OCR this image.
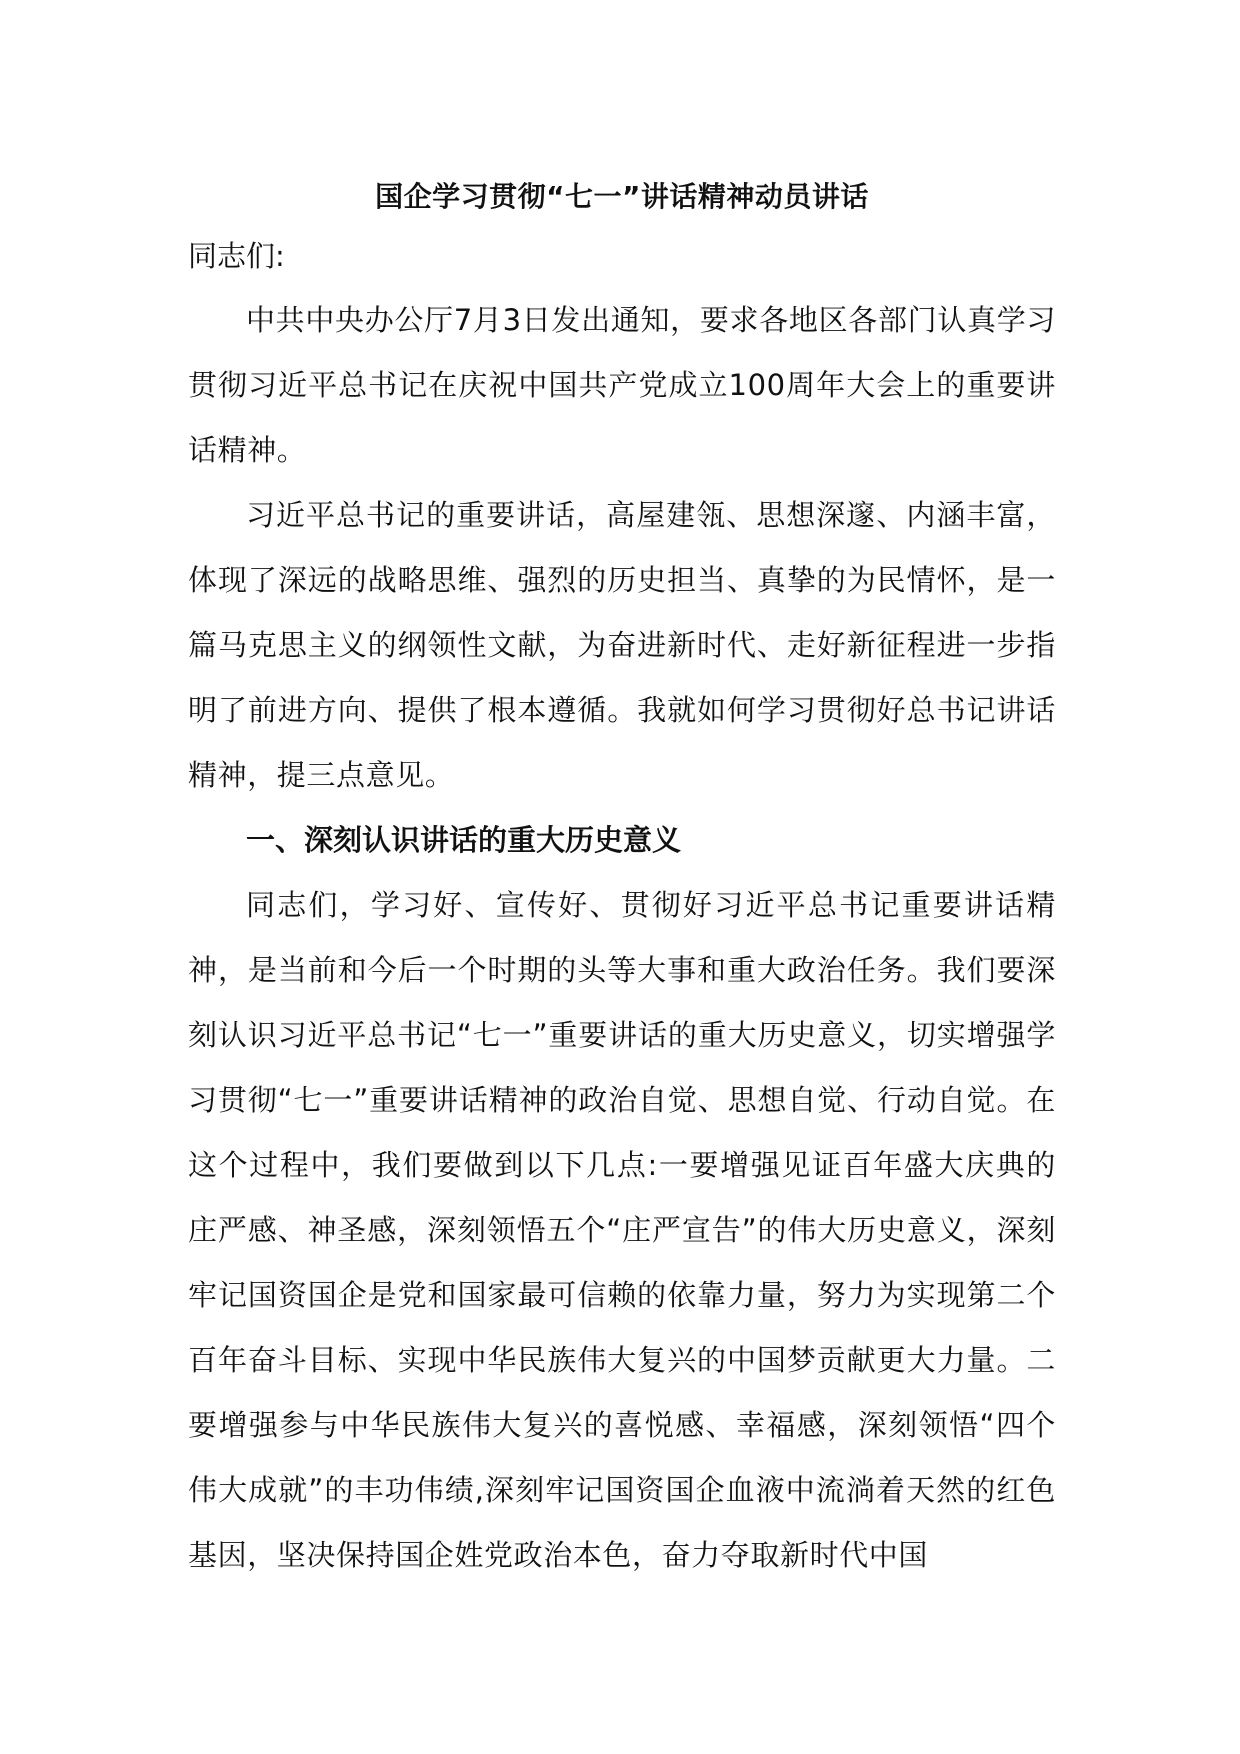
国企学习贯彻“七一”讲话精神动员讲话

同志们:

中共中央办公厅7月3日发出通知，要求各地区各部门认真学习贯彻习近平总书记在庆祝中国共产党成立100周年大会上的重要讲话精神。

习近平总书记的重要讲话，高屋建瓴、思想深邃、内涵丰富，体现了深远的战略思维、强烈的历史担当、真挚的为民情怀，是一篇马克思主义的纲领性文献，为奋进新时代、走好新征程进一步指明了前进方向、提供了根本遵循。我就如何学习贯彻好总书记讲话精神，提三点意见。

一、深刻认识讲话的重大历史意义

同志们，学习好、宣传好、贯彻好习近平总书记重要讲话精神，是当前和今后一个时期的头等大事和重大政治任务。我们要深刻认识习近平总书记“七一”重要讲话的重大历史意义，切实增强学习贯彻“七一”重要讲话精神的政治自觉、思想自觉、行动自觉。在这个过程中，我们要做到以下几点:一要增强见证百年盛大庆典的庄严感、神圣感，深刻领悟五个“庄严宣告”的伟大历史意义，深刻牢记国资国企是党和国家最可信赖的依靠力量，努力为实现第二个百年奋斗目标、实现中华民族伟大复兴的中国梦贡献更大力量。二要增强参与中华民族伟大复兴的喜悦感、幸福感，深刻领悟“四个伟大成就”的丰功伟绩,深刻牢记国资国企血液中流淌着天然的红色基因，坚决保持国企姓党政治本色，奋力夺取新时代中国
